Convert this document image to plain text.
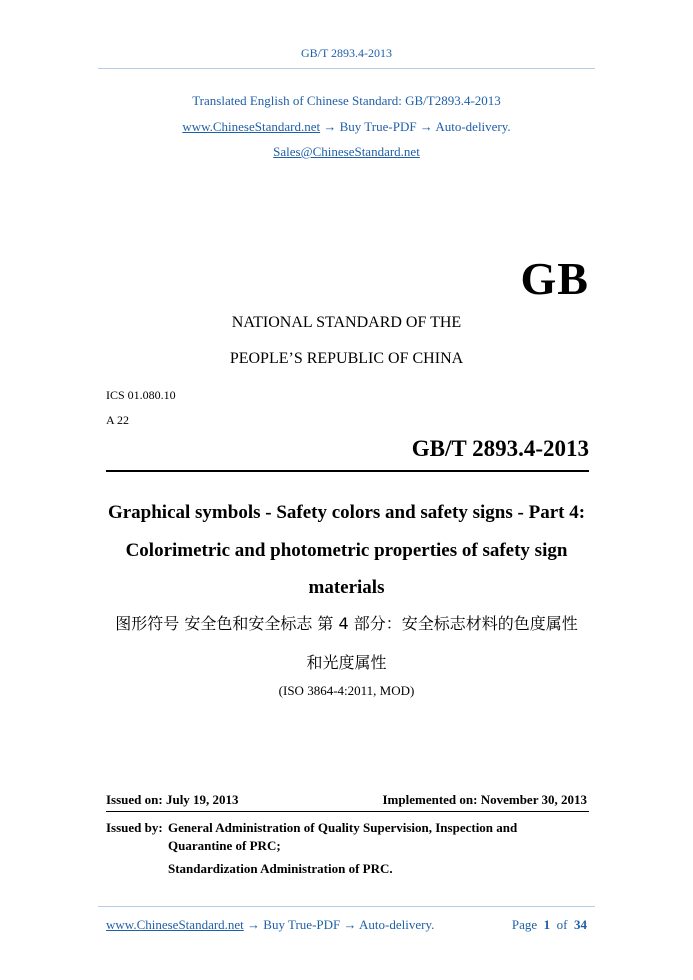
GB/T 2893.4-2013
Translated English of Chinese Standard: GB/T2893.4-2013
www.ChineseStandard.net → Buy True-PDF → Auto-delivery.
Sales@ChineseStandard.net
GB
NATIONAL STANDARD OF THE
PEOPLE’S REPUBLIC OF CHINA
ICS 01.080.10
A 22
GB/T 2893.4-2013
Graphical symbols - Safety colors and safety signs - Part 4:
Colorimetric and photometric properties of safety sign
materials
图形符号 安全色和安全标志 第 4 部分：安全标志材料的色度属性
和光度属性
(ISO 3864-4:2011, MOD)
Issued on: July 19, 2013	Implemented on: November 30, 2013
Issued by: General Administration of Quality Supervision, Inspection and
Quarantine of PRC;
Standardization Administration of PRC.
www.ChineseStandard.net → Buy True-PDF → Auto-delivery.	Page 1 of 34
